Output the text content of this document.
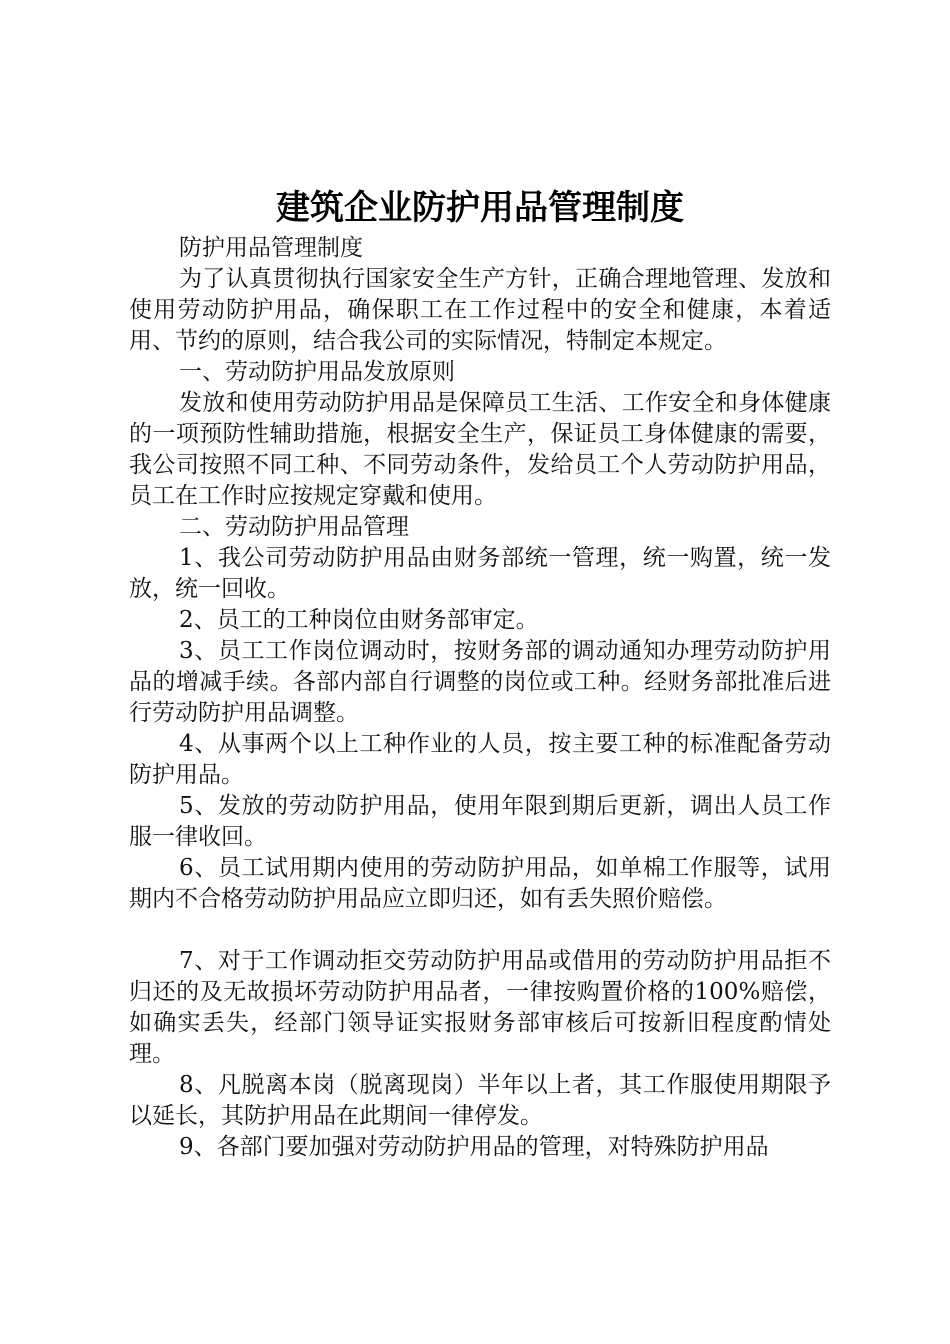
建筑企业防护用品管理制度

防护用品管理制度

为了认真贯彻执行国家安全生产方针，正确合理地管理、发放和使用劳动防护用品，确保职工在工作过程中的安全和健康，本着适用、节约的原则，结合我公司的实际情况，特制定本规定。

一、劳动防护用品发放原则

发放和使用劳动防护用品是保障员工生活、工作安全和身体健康的一项预防性辅助措施，根据安全生产，保证员工身体健康的需要，我公司按照不同工种、不同劳动条件，发给员工个人劳动防护用品，员工在工作时应按规定穿戴和使用。

二、劳动防护用品管理

1、我公司劳动防护用品由财务部统一管理，统一购置，统一发放，统一回收。

2、员工的工种岗位由财务部审定。

3、员工工作岗位调动时，按财务部的调动通知办理劳动防护用品的增减手续。各部内部自行调整的岗位或工种。经财务部批准后进行劳动防护用品调整。

4、从事两个以上工种作业的人员，按主要工种的标准配备劳动防护用品。

5、发放的劳动防护用品，使用年限到期后更新，调出人员工作服一律收回。

6、员工试用期内使用的劳动防护用品，如单棉工作服等，试用期内不合格劳动防护用品应立即归还，如有丢失照价赔偿。

7、对于工作调动拒交劳动防护用品或借用的劳动防护用品拒不归还的及无故损坏劳动防护用品者，一律按购置价格的100%赔偿，如确实丢失，经部门领导证实报财务部审核后可按新旧程度酌情处理。

8、凡脱离本岗（脱离现岗）半年以上者，其工作服使用期限予以延长，其防护用品在此期间一律停发。

9、各部门要加强对劳动防护用品的管理，对特殊防护用品
